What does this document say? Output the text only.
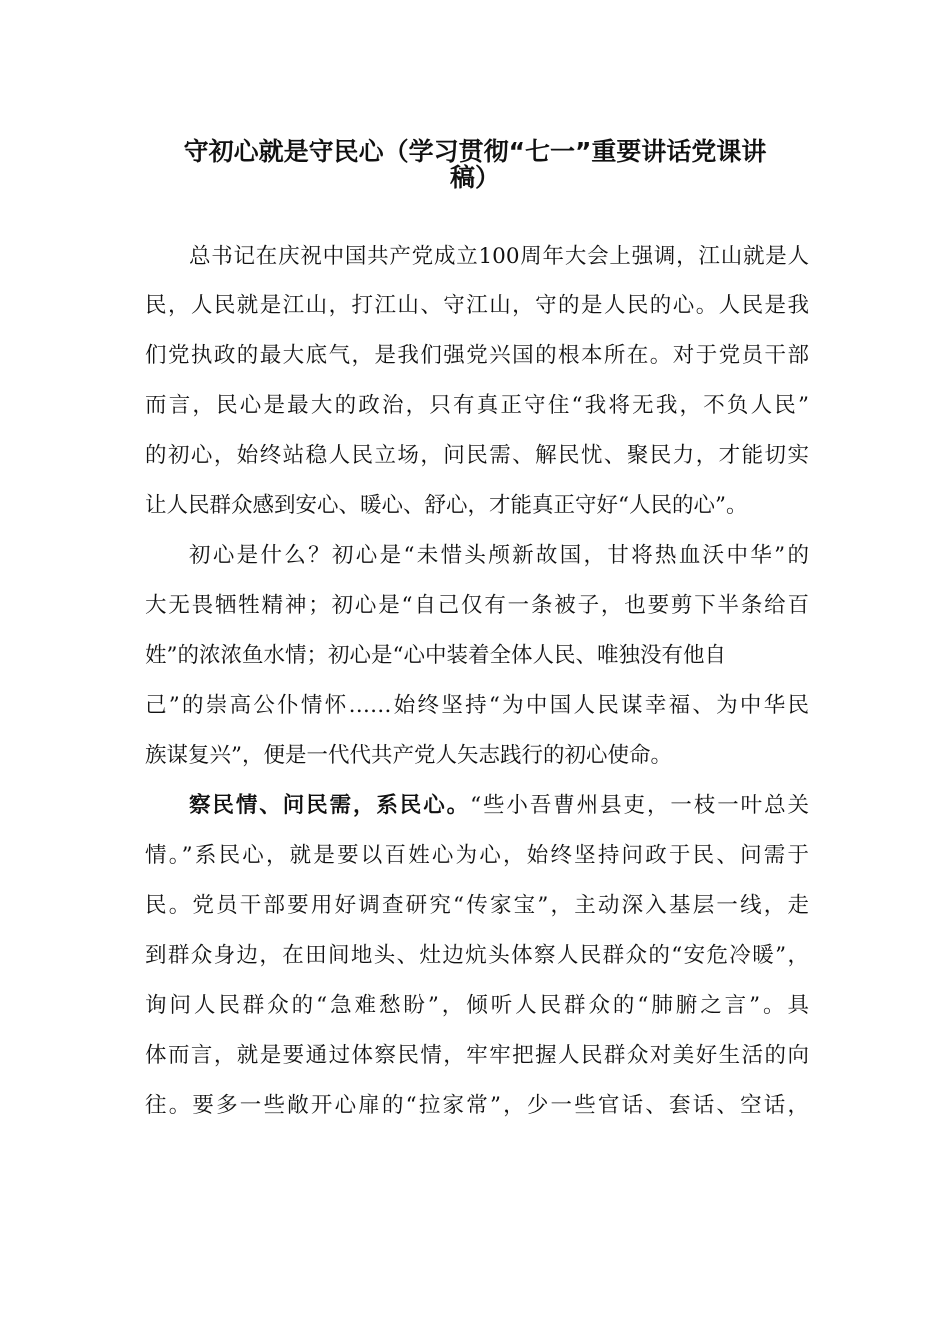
守初心就是守民心（学习贯彻“七一”重要讲话党课讲
稿）
总书记在庆祝中国共产党成立100周年大会上强调，江山就是人
民，人民就是江山，打江山、守江山，守的是人民的心。人民是我
们党执政的最大底气，是我们强党兴国的根本所在。对于党员干部
而言，民心是最大的政治，只有真正守住“我将无我，不负人民”
的初心，始终站稳人民立场，问民需、解民忧、聚民力，才能切实
让人民群众感到安心、暖心、舒心，才能真正守好“人民的心”。
初心是什么？初心是“未惜头颅新故国，甘将热血沃中华”的
大无畏牺牲精神；初心是“自己仅有一条被子，也要剪下半条给百
姓”的浓浓鱼水情；初心是“心中装着全体人民、唯独没有他自
己”的崇高公仆情怀……始终坚持“为中国人民谋幸福、为中华民
族谋复兴”，便是一代代共产党人矢志践行的初心使命。
察民情、问民需，系民心。“些小吾曹州县吏，一枝一叶总关
情。”系民心，就是要以百姓心为心，始终坚持问政于民、问需于
民。党员干部要用好调查研究“传家宝”，主动深入基层一线，走
到群众身边，在田间地头、灶边炕头体察人民群众的“安危冷暖”，
询问人民群众的“急难愁盼”，倾听人民群众的“肺腑之言”。具
体而言，就是要通过体察民情，牢牢把握人民群众对美好生活的向
往。要多一些敞开心扉的“拉家常”，少一些官话、套话、空话，
